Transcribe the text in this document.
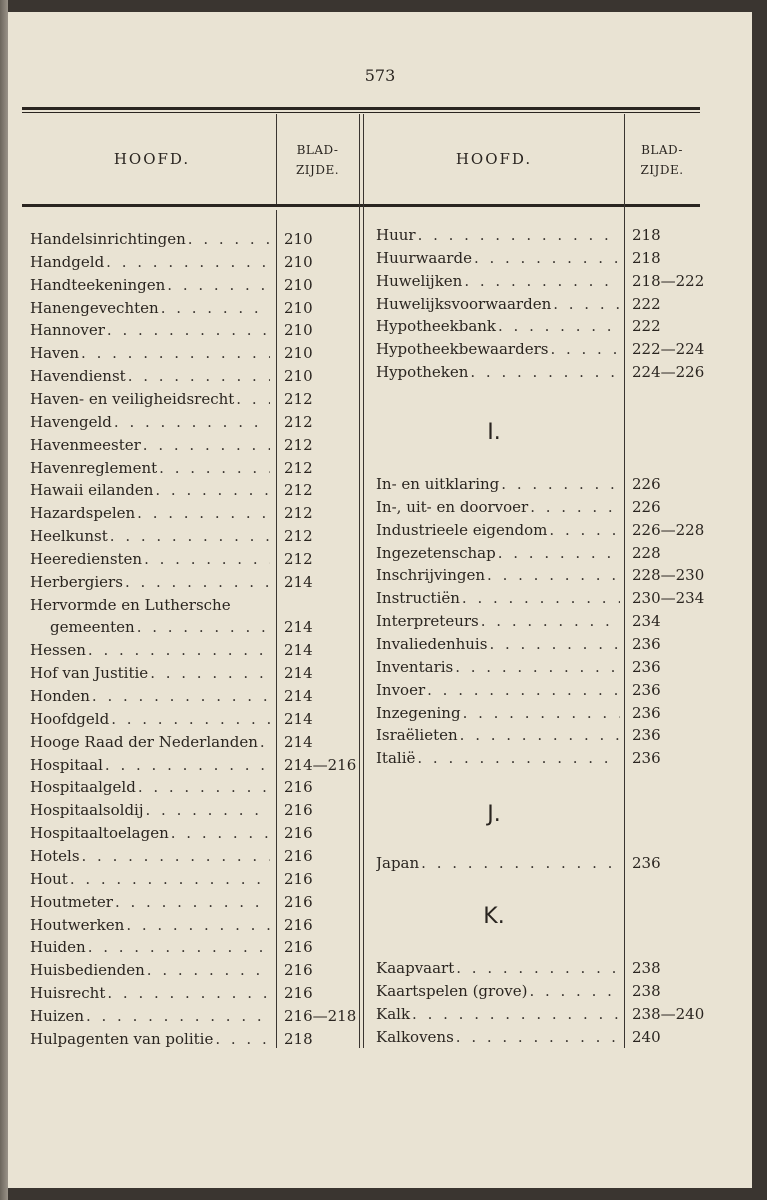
573
HOOFD.	BLAD-
ZIJDE.
HOOFD.	BLAD-
ZIJDE.
Handelsinrichtingen . . .	210
Handgeld . . .	210
Handteekeningen . . .	210
Hanengevechten . . .	210
Hannover . . .	210
Haven . . .	210
Havendienst . . .	210
Haven- en veiligheidsrecht . . .	212
Havengeld . . .	212
Havenmeester . . .	212
Havenreglement . . .	212
Hawaii eilanden . . .	212
Hazardspelen . . .	212
Heelkunst . . .	212
Heerediensten . . .	212
Herbergiers . . .	214
Hervormde en Luthersche
gemeenten . . .	214
Hessen . . .	214
Hof van Justitie . . .	214
Honden . . .	214
Hoofdgeld . . .	214
Hooge Raad der Nederlanden . . . 214
Hospitaal . . .	214—216
Hospitaalgeld . . .	216
Hospitaalsoldij . . .	216
Hospitaaltoelagen . . .	216
Hotels . . .	216
Hout . . .	216
Houtmeter . . .	216
Houtwerken . . .	216
Huiden . . .	216
Huisbedienden . . .	216
Huisrecht . . .	216
Huizen . . .	216—218
Hulpagenten van politie . . .	218
Huur . . .	218
Huurwaarde . . .	218
Huwelijken . . .	218—222
Huwelijksvoorwaarden . . .	222
Hypotheekbank . . .	222
Hypotheekbewaarders . . .	222—224
Hypotheken . . .	224—226
In- en uitklaring . . .	226
In-, uit- en doorvoer . . .	226
Industrieele eigendom . . .	226—228
Ingezetenschap . . .	228
Inschrijvingen . . .	228—230
Instructiën . . .	230—234
Interpreteurs . . .	234
Invaliedenhuis . . .	236
Inventaris . . .	236
Invoer . . .	236
Inzegening . . .	236
Israëlieten . . .	236
Italië . . .	236
Japan . . .	236
Kaapvaart . . .	238
Kaartspelen (grove) . . .	238
Kalk . . .	238—240
Kalkovens . . .	240
I.
J.
K.
